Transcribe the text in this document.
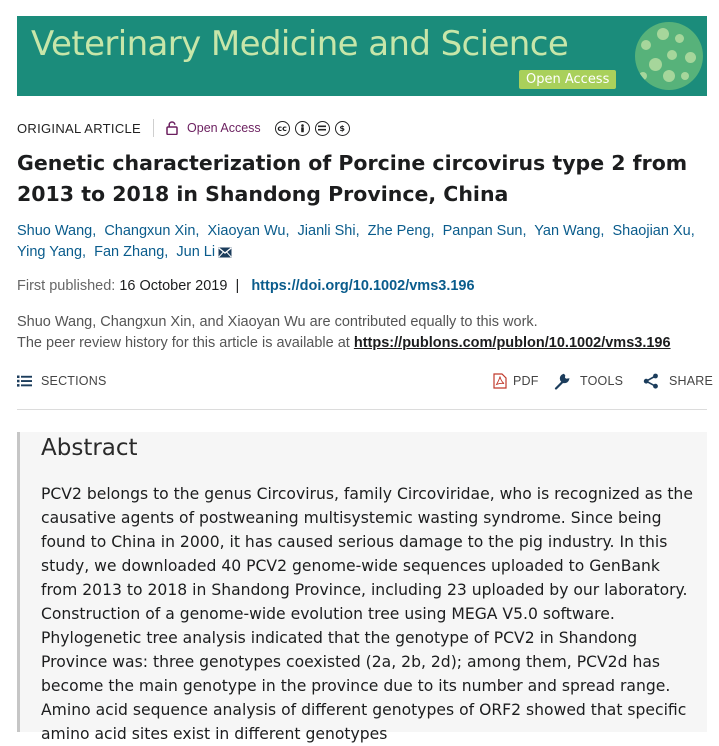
Veterinary Medicine and Science
Open Access
ORIGINAL ARTICLE	Open Access	cc	$
Genetic characterization of Porcine circovirus type 2 from 2013 to 2018 in Shandong Province, China
Shuo Wang,  Changxun Xin,  Xiaoyan Wu,  Jianli Shi,  Zhe Peng,  Panpan Sun,  Yan Wang,  Shaojian Xu,  Ying Yang,  Fan Zhang,  Jun Li
First published: 16 October 2019  |   https://doi.org/10.1002/vms3.196
Shuo Wang, Changxun Xin, and Xiaoyan Wu are contributed equally to this work.
The peer review history for this article is available at https://publons.com/publon/10.1002/vms3.196
SECTIONS	PDF	TOOLS	SHARE
Abstract

PCV2 belongs to the genus Circovirus, family Circoviridae, who is recognized as the causative agents of postweaning multisystemic wasting syndrome. Since being found to China in 2000, it has caused serious damage to the pig industry. In this study, we downloaded 40 PCV2 genome-wide sequences uploaded to GenBank from 2013 to 2018 in Shandong Province, including 23 uploaded by our laboratory. Construction of a genome-wide evolution tree using MEGA V5.0 software. Phylogenetic tree analysis indicated that the genotype of PCV2 in Shandong Province was: three genotypes coexisted (2a, 2b, 2d); among them, PCV2d has become the main genotype in the province due to its number and spread range. Amino acid sequence analysis of different genotypes of ORF2 showed that specific amino acid sites exist in different genotypes
